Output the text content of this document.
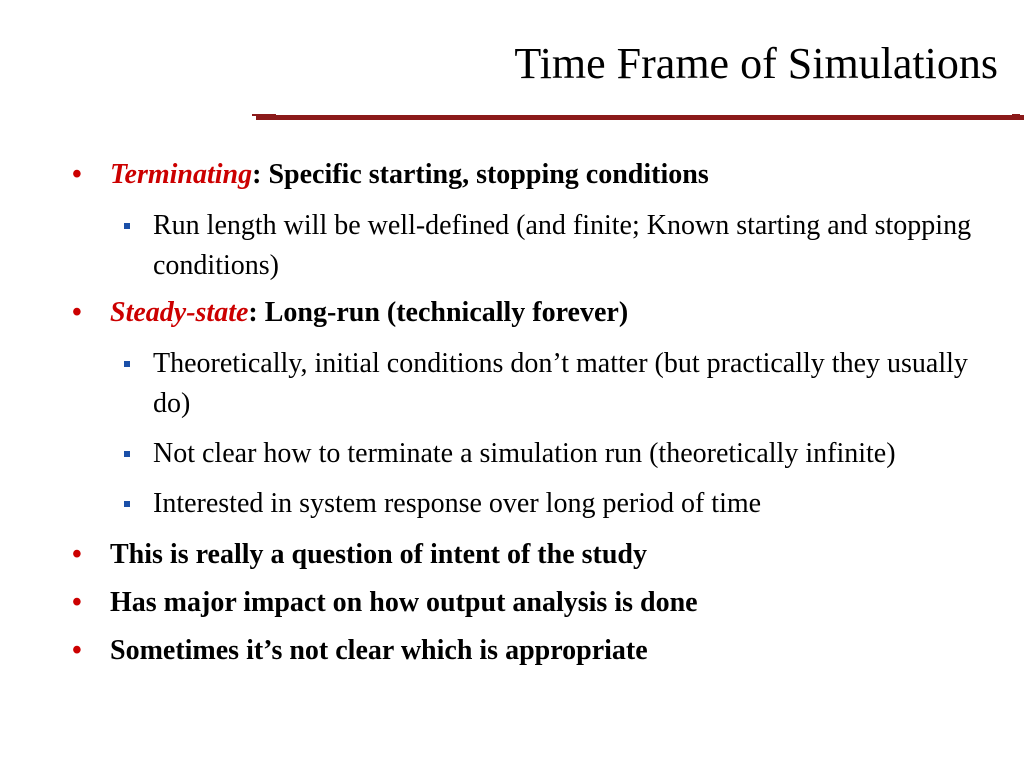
Time Frame of Simulations
• Terminating: Specific starting, stopping conditions
Run length will be well-defined (and finite; Known starting and stopping conditions)
• Steady-state: Long-run (technically forever)
Theoretically, initial conditions don’t matter (but practically they usually do)
Not clear how to terminate a simulation run (theoretically infinite)
Interested in system response over long period of time
• This is really a question of intent of the study
• Has major impact on how output analysis is done
• Sometimes it’s not clear which is appropriate
